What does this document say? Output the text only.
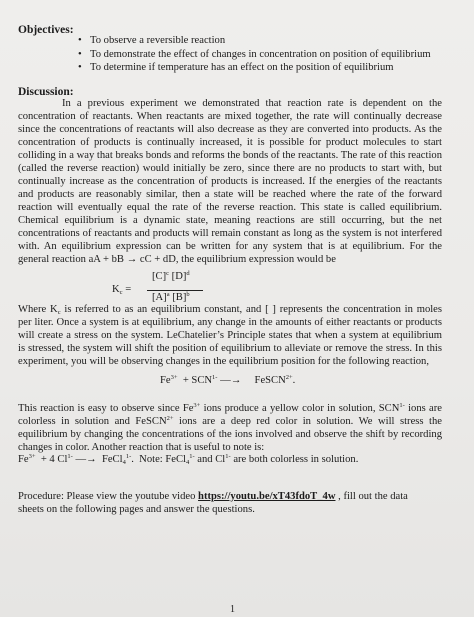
Objectives:
• To observe a reversible reaction
• To demonstrate the effect of changes in concentration on position of equilibrium
• To determine if temperature has an effect on the position of equilibrium
Discussion:
In a previous experiment we demonstrated that reaction rate is dependent on the
concentration of reactants. When reactants are mixed together, the rate will continually decrease
since the concentrations of reactants will also decrease as they are converted into products. As the
concentration of products is continually increased, it is possible for product molecules to start
colliding in a way that breaks bonds and reforms the bonds of the reactants. The rate of this reaction
(called the reverse reaction) would initially be zero, since there are no products to start with, but
continually increase as the concentration of products is increased. If the energies of the reactants
and products are reasonably similar, then a state will be reached where the rate of the forward
reaction will eventually equal the rate of the reverse reaction. This state is called equilibrium.
Chemical equilibrium is a dynamic state, meaning reactions are still occurring, but the net
concentrations of reactants and products will remain constant as long as the system is not interfered
with. An equilibrium expression can be written for any system that is at equilibrium. For the
general reaction aA + bB → cC + dD, the equilibrium expression would be
$K_c$ =
$[C]^c$ $[D]^d$
$[A]^a$ $[B]^b$
Where $K_c$ is referred to as an equilibrium constant, and [ ] represents the concentration in moles
per liter. Once a system is at equilibrium, any change in the amounts of either reactants or products
will create a stress on the system. LeChatelier’s Principle states that when a system at equilibrium
is stressed, the system will shift the position of equilibrium to alleviate or remove the stress. In this
experiment, you will be observing changes in the equilibrium position for the following reaction,
$Fe^{3+} + SCN^{1-}$ —→     FeSCN$^{2+}$.
This reaction is easy to observe since $Fe^{3+}$ ions produce a yellow color in solution, $SCN^{1-}$ ions are
colorless in solution and FeSCN$^{2+}$ ions are a deep red color in solution. We will stress the
equilibrium by changing the concentrations of the ions involved and observe the shift by recording
changes in color. Another reaction that is useful to note is:
$Fe^{3+} + 4$ $Cl^{1-}$ —→  FeCl$_4^{1-}$.  Note: FeCl$_4^{1-}$ and $Cl^{1-}$ are both colorless in solution.
Procedure: Please view the youtube video https://youtu.be/xT43fdoT_4w , fill out the data
sheets on the following pages and answer the questions.
1
